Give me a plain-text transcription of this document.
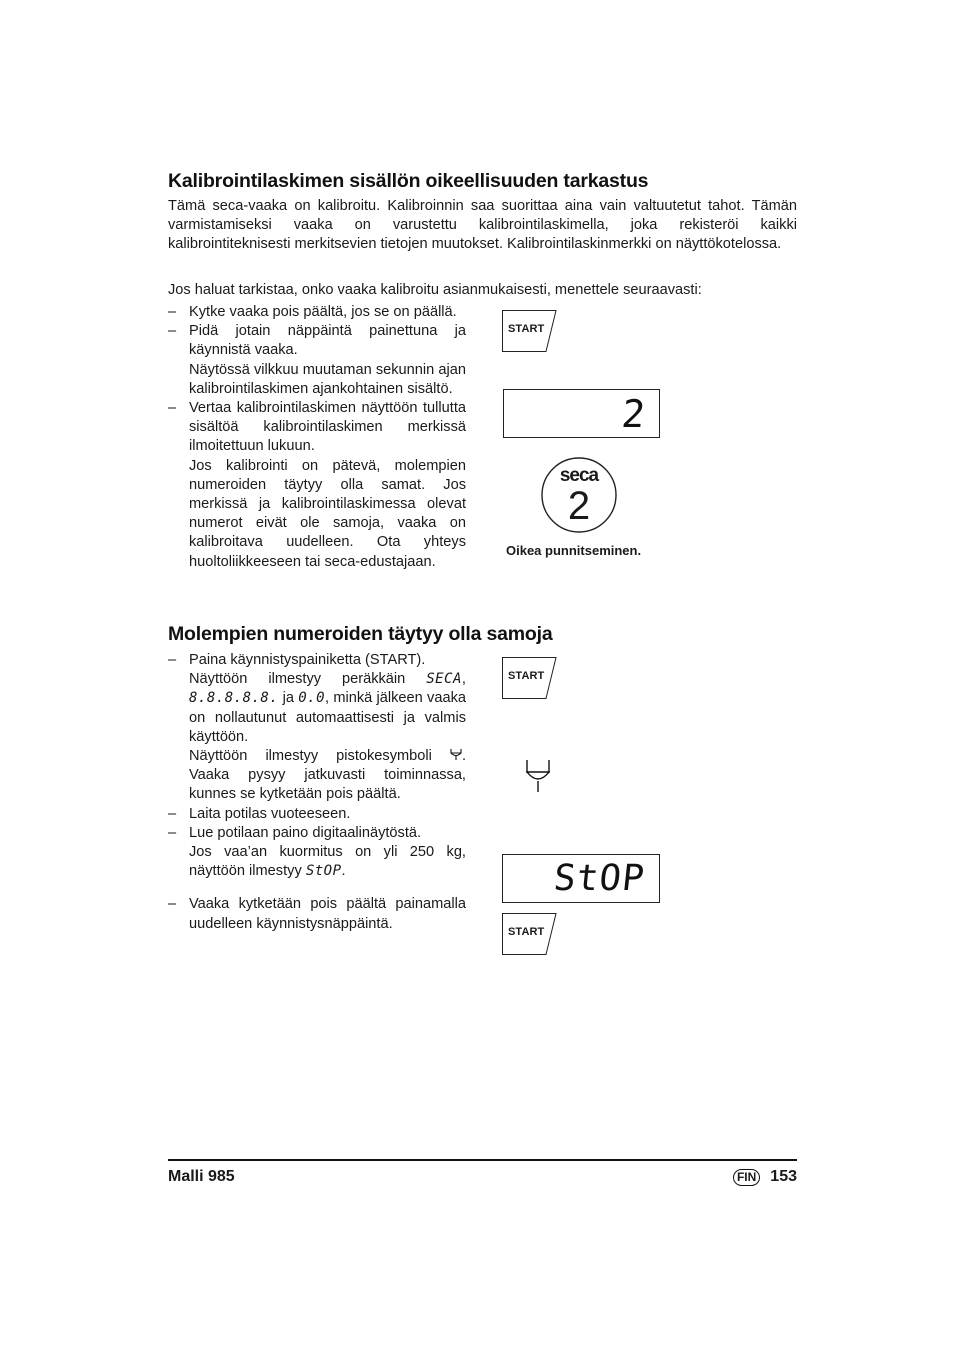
Kalibrointilaskimen sisällön oikeellisuuden tarkastus

Tämä seca-vaaka on kalibroitu. Kalibroinnin saa suorittaa aina vain valtuutetut tahot. Tämän varmistamiseksi vaaka on varustettu kalibrointilaskimella, joka rekisteröi kaikki kalibrointiteknisesti merkitsevien tietojen muutokset. Kalibrointilaskinmerkki on näyttökotelossa.

Jos haluat tarkistaa, onko vaaka kalibroitu asianmukaisesti, menettele seuraavasti:

– Kytke vaaka pois päältä, jos se on päällä.
– Pidä jotain näppäintä painettuna ja käynnistä vaaka.
Näytössä vilkkuu muutaman sekunnin ajan kalibrointilaskimen ajankohtainen sisältö.
– Vertaa kalibrointilaskimen näyttöön tullutta sisältöä kalibrointilaskimen merkissä ilmoitettuun lukuun.
Jos kalibrointi on pätevä, molempien numeroiden täytyy olla samat. Jos merkissä ja kalibrointilaskimessa olevat numerot eivät ole samoja, vaaka on kalibroitava uudelleen. Ota yhteys huoltoliikkeeseen tai seca-edustajaan.
START
2
seca
2
Oikea punnitseminen.
Molempien numeroiden täytyy olla samoja
– Paina käynnistyspainiketta (START).
Näyttöön ilmestyy peräkkäin SECA, 8.8.8.8.8. ja 0.0, minkä jälkeen vaaka on nollautunut automaattisesti ja valmis käyttöön.
Näyttöön ilmestyy pistokesymboli . Vaaka pysyy jatkuvasti toiminnassa, kunnes se kytketään pois päältä.
– Laita potilas vuoteeseen.
– Lue potilaan paino digitaalinäytöstä.
Jos vaa’an kuormitus on yli 250 kg, näyttöön ilmestyy StOP.
– Vaaka kytketään pois päältä painamalla uudelleen käynnistysnäppäintä.
START
StOP
START
Malli 985	FIN 153
